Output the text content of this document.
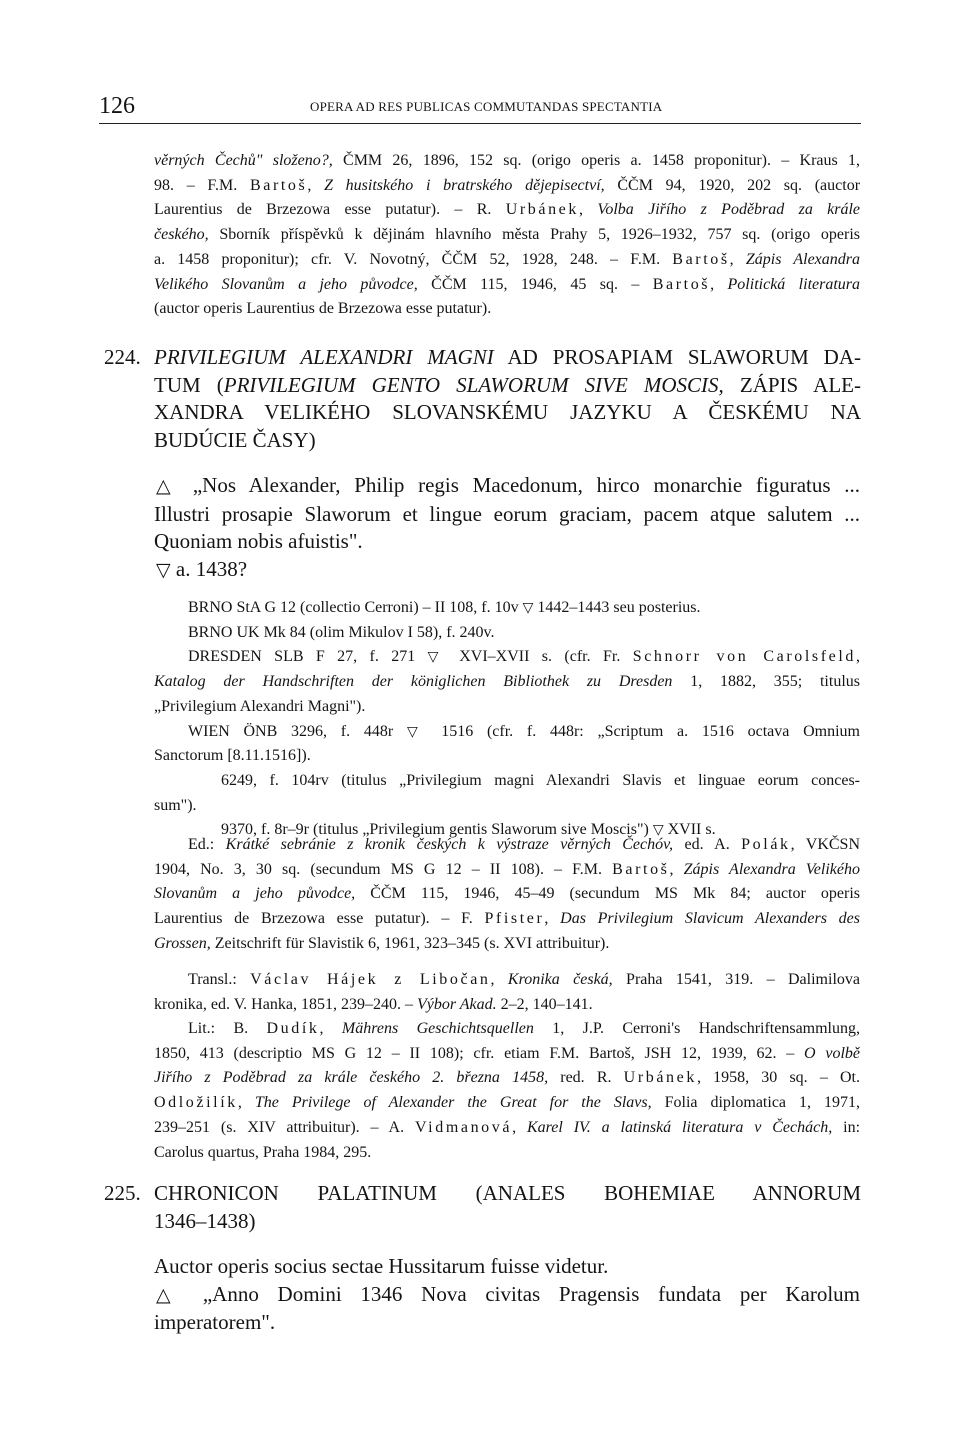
126	OPERA AD RES PUBLICAS COMMUTANDAS SPECTANTIA
věrných Čechů" složeno?, ČMM 26, 1896, 152 sq. (origo operis a. 1458 proponitur). – Kraus 1,
98. – F.M. Bartoš, Z husitského i bratrského dějepisectví, ČČM 94, 1920, 202 sq. (auctor
Laurentius de Brzezowa esse putatur). – R. Urbánek, Volba Jiřího z Poděbrad za krále
českého, Sborník příspěvků k dějinám hlavního města Prahy 5, 1926–1932, 757 sq. (origo operis
a. 1458 proponitur); cfr. V. Novotný, ČČM 52, 1928, 248. – F.M. Bartoš, Zápis Alexandra
Velikého Slovanům a jeho původce, ČČM 115, 1946, 45 sq. – Bartoš, Politická literatura
(auctor operis Laurentius de Brzezowa esse putatur).
224. PRIVILEGIUM ALEXANDRI MAGNI AD PROSAPIAM SLAWORUM DA-
TUM (PRIVILEGIUM GENTO SLAWORUM SIVE MOSCIS, ZÁPIS ALE-
XANDRA VELIKÉHO SLOVANSKÉMU JAZYKU A ČESKÉMU NA
BUDÚCIE ČASY)
△ „Nos Alexander, Philip regis Macedonum, hirco monarchie figuratus ...
Illustri prosapie Slaworum et lingue eorum graciam, pacem atque salutem ...
Quoniam nobis afuistis".
▽ a. 1438?
BRNO StA G 12 (collectio Cerroni) – II 108, f. 10v ▽ 1442–1443 seu posterius.
BRNO UK Mk 84 (olim Mikulov I 58), f. 240v.
DRESDEN SLB F 27, f. 271 ▽ XVI–XVII s. (cfr. Fr. Schnorr von Carolsfeld,
Katalog der Handschriften der königlichen Bibliothek zu Dresden 1, 1882, 355; titulus
„Privilegium Alexandri Magni").
WIEN ÖNB 3296, f. 448r ▽ 1516 (cfr. f. 448r: „Scriptum a. 1516 octava Omnium
Sanctorum [8.11.1516]).
6249, f. 104rv (titulus „Privilegium magni Alexandri Slavis et linguae eorum conces-
sum").
9370, f. 8r–9r (titulus „Privilegium gentis Slaworum sive Moscis") ▽ XVII s.
Ed.: Krátké sebránie z kronik českých k výstraze věrných Čechóv, ed. A. Polák, VKČSN
1904, No. 3, 30 sq. (secundum MS G 12 – II 108). – F.M. Bartoš, Zápis Alexandra Velikého
Slovanům a jeho původce, ČČM 115, 1946, 45–49 (secundum MS Mk 84; auctor operis
Laurentius de Brzezowa esse putatur). – F. Pfister, Das Privilegium Slavicum Alexanders des
Grossen, Zeitschrift für Slavistik 6, 1961, 323–345 (s. XVI attribuitur).
Transl.: Václav Hájek z Libočan, Kronika česká, Praha 1541, 319. – Dalimilova
kronika, ed. V. Hanka, 1851, 239–240. – Výbor Akad. 2–2, 140–141.
Lit.: B. Dudík, Mährens Geschichtsquellen 1, J.P. Cerroni's Handschriftensammlung,
1850, 413 (descriptio MS G 12 – II 108); cfr. etiam F.M. Bartoš, JSH 12, 1939, 62. – O volbě
Jiřího z Poděbrad za krále českého 2. března 1458, red. R. Urbánek, 1958, 30 sq. – Ot.
Odložilík, The Privilege of Alexander the Great for the Slavs, Folia diplomatica 1, 1971,
239–251 (s. XIV attribuitur). – A. Vidmanová, Karel IV. a latinská literatura v Čechách, in:
Carolus quartus, Praha 1984, 295.
225. CHRONICON PALATINUM (ANALES BOHEMIAE ANNORUM
1346–1438)
Auctor operis socius sectae Hussitarum fuisse videtur.
△ „Anno Domini 1346 Nova civitas Pragensis fundata per Karolum
imperatorem".
